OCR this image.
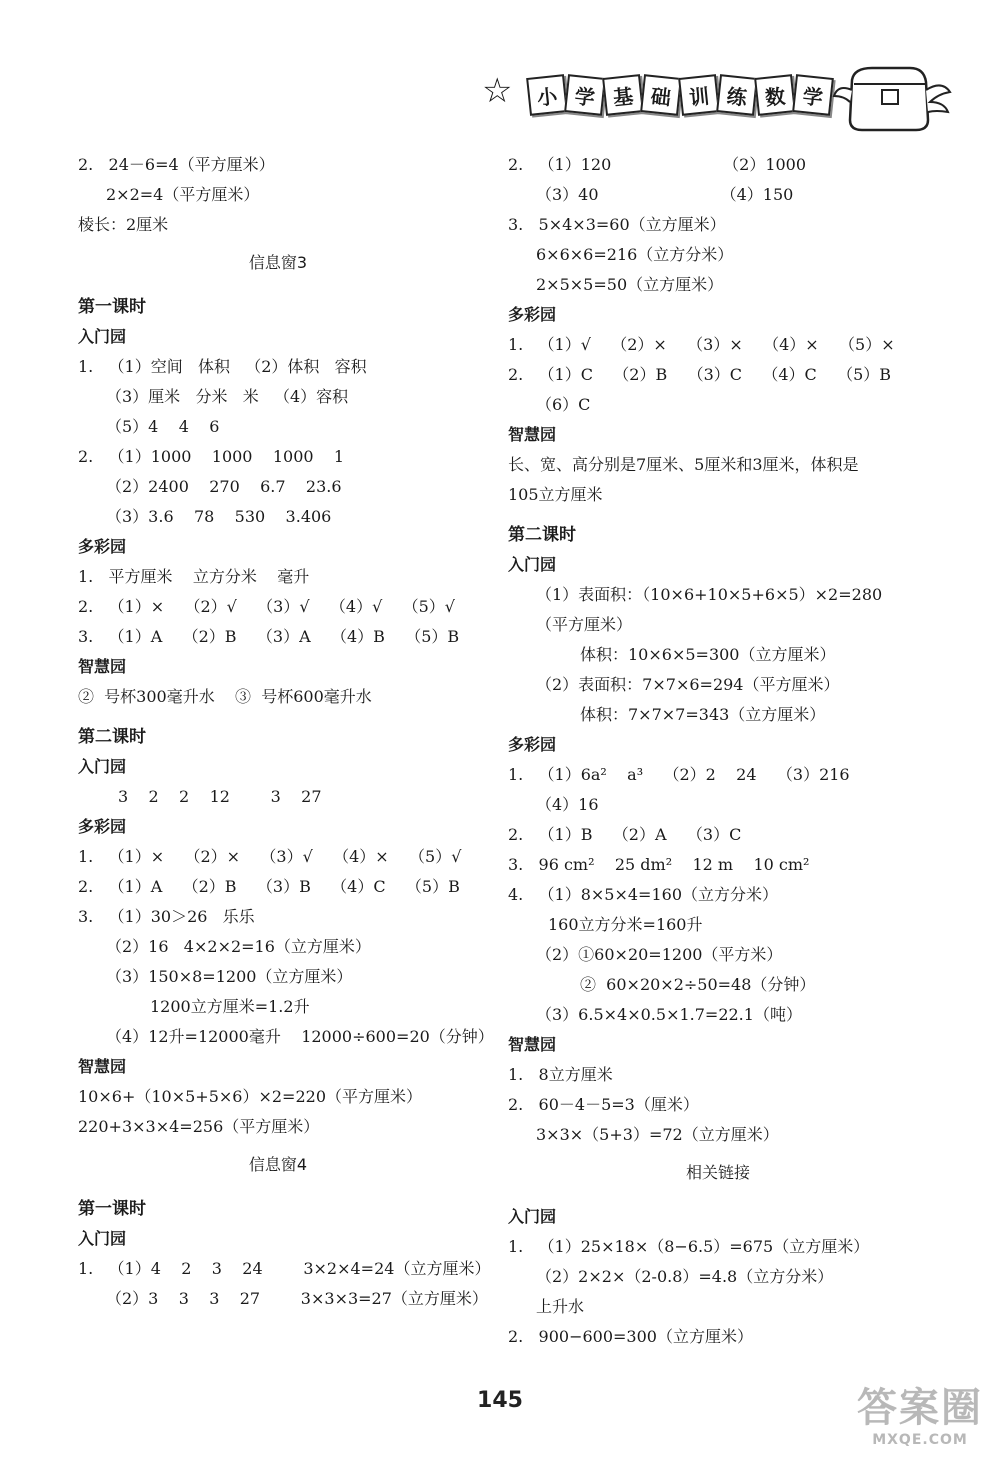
☆	小 学 基 础 训 练 数 学
2.   24－6=4（平方厘米）
2×2=4（平方厘米）
棱长：2厘米
信息窗3
第一课时
入门园
1.   （1）空间   体积   （2）体积   容积
（3）厘米   分米   米   （4）容积
（5）4    4    6
2.   （1）1000    1000    1000    1
（2）2400    270    6.7    23.6
（3）3.6    78    530    3.406
多彩园
1.   平方厘米    立方分米    毫升
2.   （1）×    （2）√    （3）√    （4）√    （5）√
3.   （1）A    （2）B    （3）A    （4）B    （5）B
智慧园
②  号杯300毫升水    ③  号杯600毫升水
第二课时
入门园
3    2    2    12        3    27
多彩园
1.   （1）×    （2）×    （3）√    （4）×    （5）√
2.   （1）A    （2）B    （3）B    （4）C    （5）B
3.   （1）30＞26   乐乐
（2）16   4×2×2=16（立方厘米）
（3）150×8=1200（立方厘米）
1200立方厘米=1.2升
（4）12升=12000毫升    12000÷600=20（分钟）
智慧园
10×6+（10×5+5×6）×2=220（平方厘米）
220+3×3×4=256（平方厘米）
信息窗4
第一课时
入门园
1.   （1）4    2    3    24        3×2×4=24（立方厘米）
（2）3    3    3    27        3×3×3=27（立方厘米）
2.   （1）120                      （2）1000
（3）40                        （4）150
3.   5×4×3=60（立方厘米）
6×6×6=216（立方分米）
2×5×5=50（立方厘米）
多彩园
1.   （1）√    （2）×    （3）×    （4）×    （5）×
2.   （1）C    （2）B    （3）C    （4）C    （5）B
（6）C
智慧园
长、宽、高分别是7厘米、5厘米和3厘米，体积是
105立方厘米
第二课时
入门园
（1）表面积：（10×6+10×5+6×5）×2=280
（平方厘米）
体积：10×6×5=300（立方厘米）
（2）表面积：7×7×6=294（平方厘米）
体积：7×7×7=343（立方厘米）
多彩园
1.   （1）6a²    a³    （2）2    24    （3）216
（4）16
2.   （1）B    （2）A    （3）C
3.   96 cm²    25 dm²    12 m    10 cm²
4.   （1）8×5×4=160（立方分米）
160立方分米=160升
（2）①60×20=1200（平方米）
②  60×20×2÷50=48（分钟）
（3）6.5×4×0.5×1.7=22.1（吨）
智慧园
1.   8立方厘米
2.   60－4－5=3（厘米）
3×3×（5+3）=72（立方厘米）
相关链接
入门园
1.   （1）25×18×（8−6.5）=675（立方厘米）
（2）2×2×（2-0.8）=4.8（立方分米）
上升水
2.   900−600=300（立方厘米）
145	答案圈
MXQE.COM
